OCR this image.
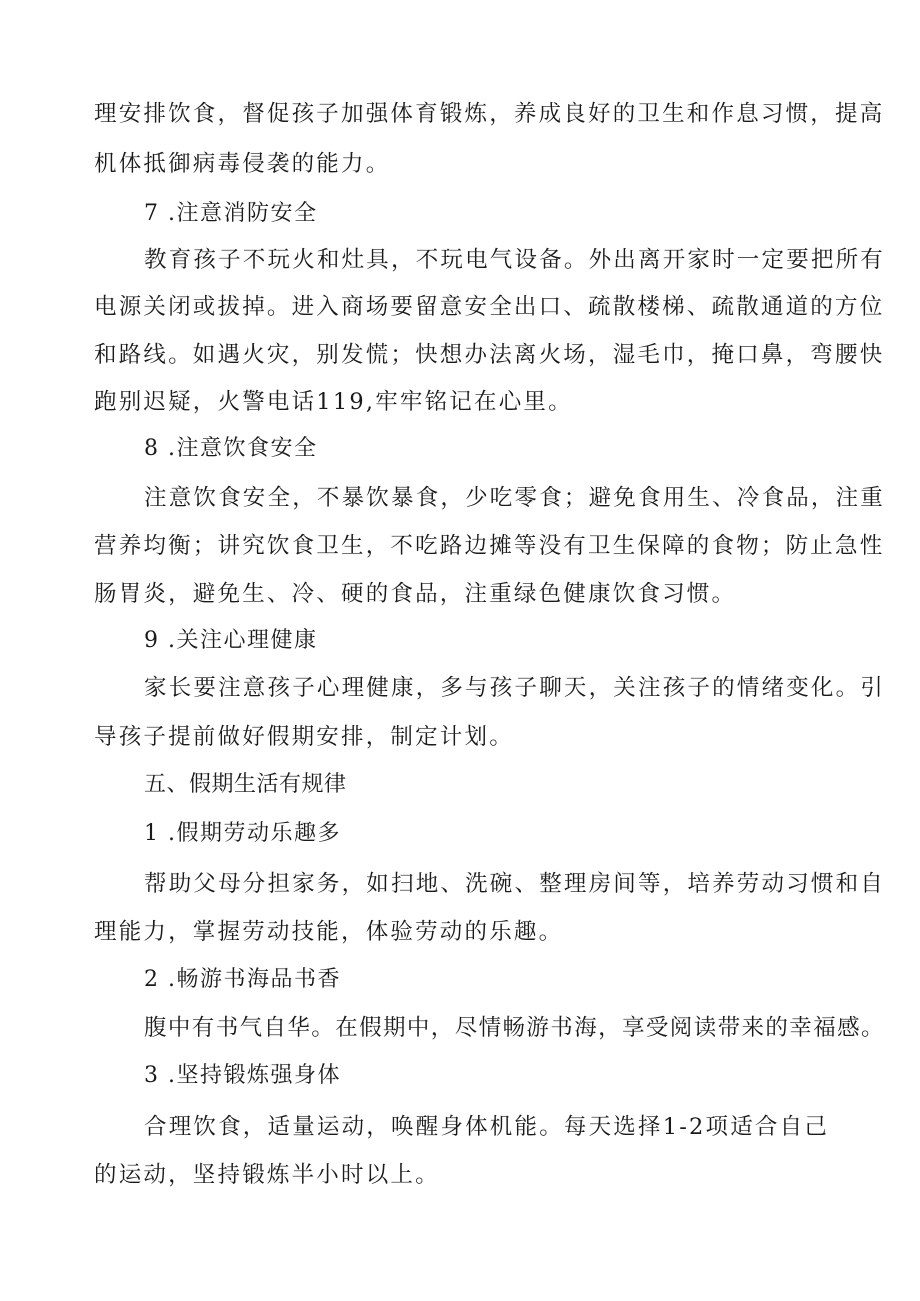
理安排饮食，督促孩子加强体育锻炼，养成良好的卫生和作息习惯，提高
机体抵御病毒侵袭的能力。
7 .注意消防安全
教育孩子不玩火和灶具，不玩电气设备。外出离开家时一定要把所有
电源关闭或拔掉。进入商场要留意安全出口、疏散楼梯、疏散通道的方位
和路线。如遇火灾，别发慌；快想办法离火场，湿毛巾，掩口鼻，弯腰快
跑别迟疑，火警电话119,牢牢铭记在心里。
8 .注意饮食安全
注意饮食安全，不暴饮暴食，少吃零食；避免食用生、冷食品，注重
营养均衡；讲究饮食卫生，不吃路边摊等没有卫生保障的食物；防止急性
肠胃炎，避免生、冷、硬的食品，注重绿色健康饮食习惯。
9 .关注心理健康
家长要注意孩子心理健康，多与孩子聊天，关注孩子的情绪变化。引
导孩子提前做好假期安排，制定计划。
五、假期生活有规律
1 .假期劳动乐趣多
帮助父母分担家务，如扫地、洗碗、整理房间等，培养劳动习惯和自
理能力，掌握劳动技能，体验劳动的乐趣。
2 .畅游书海品书香
腹中有书气自华。在假期中，尽情畅游书海，享受阅读带来的幸福感。
3 .坚持锻炼强身体
合理饮食，适量运动，唤醒身体机能。每天选择1-2项适合自己
的运动，坚持锻炼半小时以上。
